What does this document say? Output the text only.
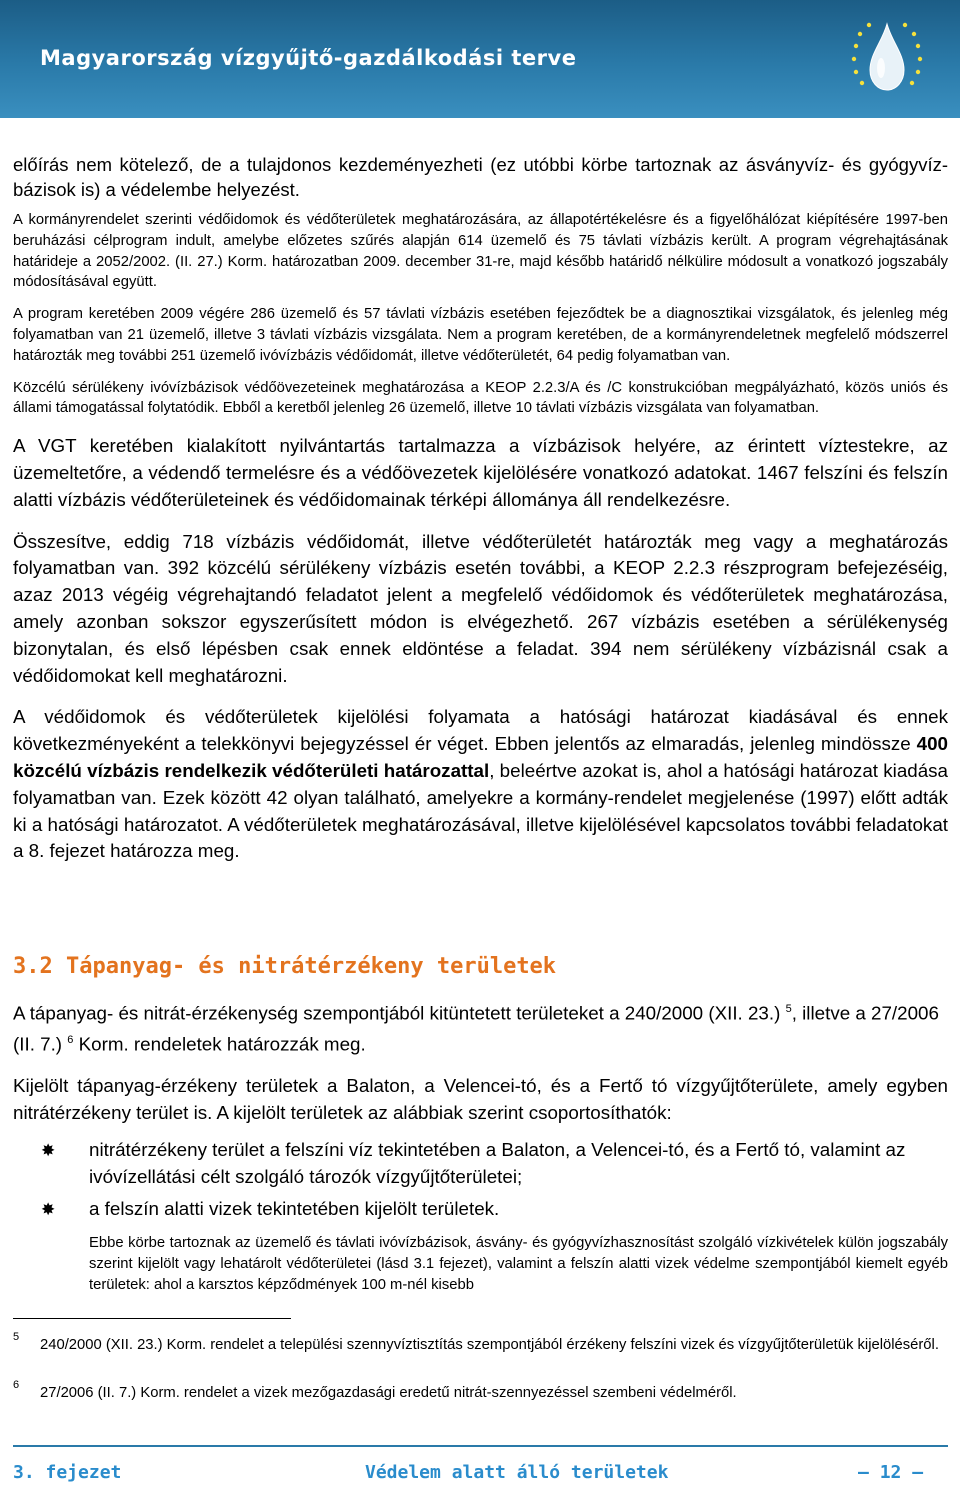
Magyarország vízgyűjtő-gazdálkodási terve

előírás nem kötelező, de a tulajdonos kezdeményezheti (ez utóbbi körbe tartoznak az ásványvíz- és gyógyvíz-bázisok is) a védelembe helyezést.

A kormányrendelet szerinti védőidomok és védőterületek meghatározására, az állapotértékelésre és a figyelőhálózat kiépítésére 1997-ben beruházási célprogram indult, amelybe előzetes szűrés alapján 614 üzemelő és 75 távlati vízbázis került. A program végrehajtásának határideje a 2052/2002. (II. 27.) Korm. határozatban 2009. december 31-re, majd később határidő nélkülire módosult a vonatkozó jogszabály módosításával együtt.

A program keretében 2009 végére 286 üzemelő és 57 távlati vízbázis esetében fejeződtek be a diagnosztikai vizsgálatok, és jelenleg még folyamatban van 21 üzemelő, illetve 3 távlati vízbázis vizsgálata. Nem a program keretében, de a kormányrendeletnek megfelelő módszerrel határozták meg további 251 üzemelő ivóvízbázis védőidomát, illetve védőterületét, 64 pedig folyamatban van.

Közcélú sérülékeny ivóvízbázisok védőövezeteinek meghatározása a KEOP 2.2.3/A és /C konstrukcióban megpályázható, közös uniós és állami támogatással folytatódik. Ebből a keretből jelenleg 26 üzemelő, illetve 10 távlati vízbázis vizsgálata van folyamatban.

A VGT keretében kialakított nyilvántartás tartalmazza a vízbázisok helyére, az érintett víztestekre, az üzemeltetőre, a védendő termelésre és a védőövezetek kijelölésére vonatkozó adatokat. 1467 felszíni és felszín alatti vízbázis védőterületeinek és védőidomainak térképi állománya áll rendelkezésre.

Összesítve, eddig 718 vízbázis védőidomát, illetve védőterületét határozták meg vagy a meghatározás folyamatban van. 392 közcélú sérülékeny vízbázis esetén további, a KEOP 2.2.3 részprogram befejezéséig, azaz 2013 végéig végrehajtandó feladatot jelent a megfelelő védőidomok és védőterületek meghatározása, amely azonban sokszor egyszerűsített módon is elvégezhető. 267 vízbázis esetében a sérülékenység bizonytalan, és első lépésben csak ennek eldöntése a feladat. 394 nem sérülékeny vízbázisnál csak a védőidomokat kell meghatározni.

A védőidomok és védőterületek kijelölési folyamata a hatósági határozat kiadásával és ennek következményeként a telekkönyvi bejegyzéssel ér véget. Ebben jelentős az elmaradás, jelenleg mindössze 400 közcélú vízbázis rendelkezik védőterületi határozattal, beleértve azokat is, ahol a hatósági határozat kiadása folyamatban van. Ezek között 42 olyan található, amelyekre a kormány-rendelet megjelenése (1997) előtt adták ki a hatósági határozatot. A védőterületek meghatározásával, illetve kijelölésével kapcsolatos további feladatokat a 8. fejezet határozza meg.

3.2 Tápanyag- és nitrátérzékeny területek

A tápanyag- és nitrát-érzékenység szempontjából kitüntetett területeket a 240/2000 (XII. 23.) $^5$, illetve a 27/2006 (II. 7.) $^6$ Korm. rendeletek határozzák meg.

Kijelölt tápanyag-érzékeny területek a Balaton, a Velencei-tó, és a Fertő tó vízgyűjtőterülete, amely egyben nitrátérzékeny terület is. A kijelölt területek az alábbiak szerint csoportosíthatók:

✸ nitrátérzékeny terület a felszíni víz tekintetében a Balaton, a Velencei-tó, és a Fertő tó, valamint az ivóvízellátási célt szolgáló tározók vízgyűjtőterületei;
✸ a felszín alatti vizek tekintetében kijelölt területek.

Ebbe körbe tartoznak az üzemelő és távlati ivóvízbázisok, ásvány- és gyógyvízhasznosítást szolgáló vízkivételek külön jogszabály szerint kijelölt vagy lehatárolt védőterületei (lásd 3.1 fejezet), valamint a felszín alatti vizek védelme szempontjából kiemelt egyéb területek: ahol a karsztos képződmények 100 m-nél kisebb

5 240/2000 (XII. 23.) Korm. rendelet a települési szennyvíztisztítás szempontjából érzékeny felszíni vizek és vízgyűjtőterületük kijelöléséről.
6 27/2006 (II. 7.) Korm. rendelet a vizek mezőgazdasági eredetű nitrát-szennyezéssel szembeni védelméről.
3. fejezet	Védelem alatt álló területek	— 12 —
